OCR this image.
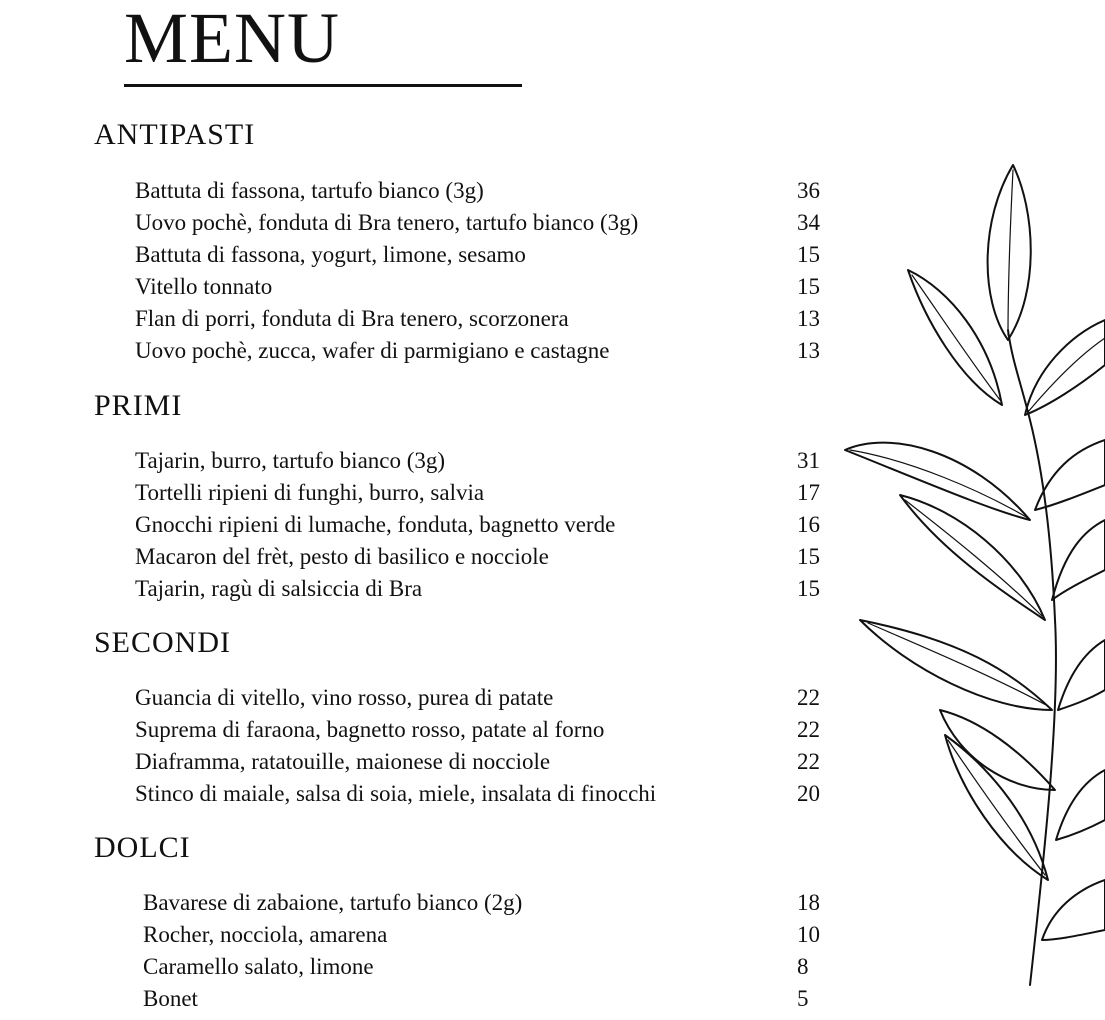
MENU
ANTIPASTI
Battuta di fassona, tartufo bianco (3g)	36
Uovo pochè, fonduta di Bra tenero, tartufo bianco (3g)	34
Battuta di fassona, yogurt, limone, sesamo	15
Vitello tonnato	15
Flan di porri, fonduta di Bra tenero, scorzonera	13
Uovo pochè, zucca, wafer di parmigiano e castagne	13
PRIMI
Tajarin, burro, tartufo bianco (3g)	31
Tortelli ripieni di funghi, burro, salvia	17
Gnocchi ripieni di lumache, fonduta, bagnetto verde	16
Macaron del frèt, pesto di basilico e nocciole	15
Tajarin, ragù di salsiccia di Bra	15
SECONDI
Guancia di vitello, vino rosso, purea di patate	22
Suprema di faraona, bagnetto rosso, patate al forno	22
Diaframma, ratatouille, maionese di nocciole	22
Stinco di maiale, salsa di soia, miele, insalata di finocchi	20
DOLCI
Bavarese di zabaione, tartufo bianco (2g)	18
Rocher, nocciola, amarena	10
Caramello salato, limone	8
Bonet	5
